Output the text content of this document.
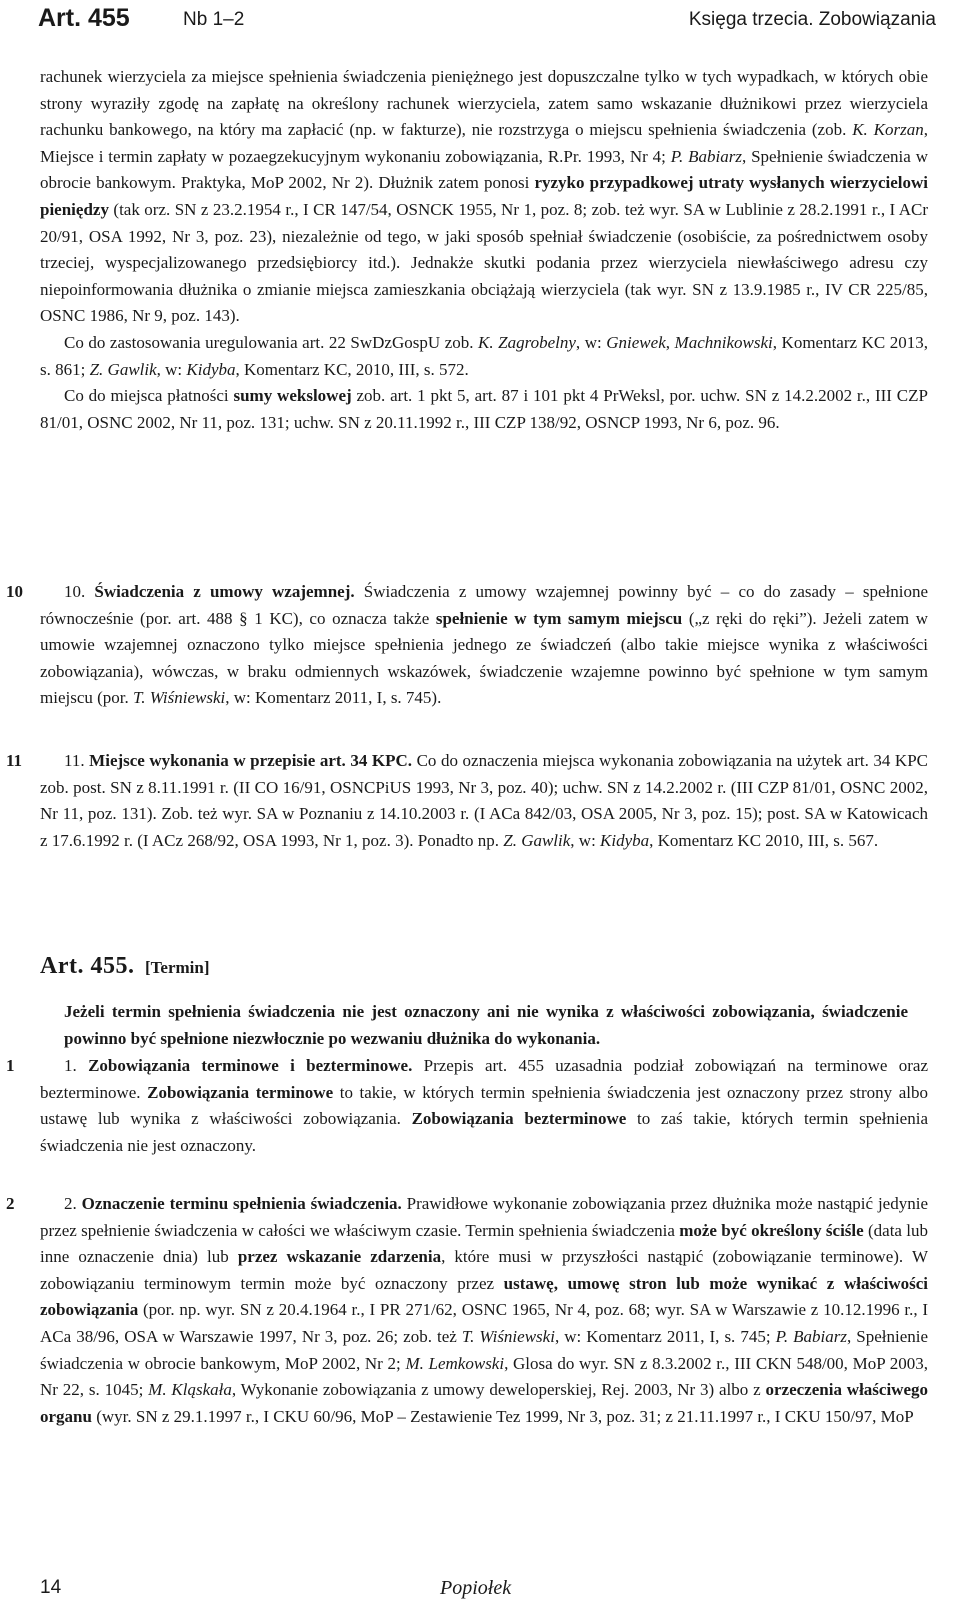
Art. 455	Nb 1–2	Księga trzecia. Zobowiązania

rachunek wierzyciela za miejsce spełnienia świadczenia pieniężnego jest dopuszczalne tylko w tych wypadkach, w których obie strony wyraziły zgodę na zapłatę na określony rachunek wierzyciela, zatem samo wskazanie dłużnikowi przez wierzyciela rachunku bankowego, na który ma zapłacić (np. w fakturze), nie rozstrzyga o miejscu spełnienia świadczenia (zob. K. Korzan, Miejsce i termin zapłaty w pozaegzekucyjnym wykonaniu zobowiązania, R.Pr. 1993, Nr 4; P. Babiarz, Spełnienie świadczenia w obrocie bankowym. Praktyka, MoP 2002, Nr 2). Dłużnik zatem ponosi ryzyko przypadkowej utraty wysłanych wierzycielowi pieniędzy (tak orz. SN z 23.2.1954 r., I CR 147/54, OSNCK 1955, Nr 1, poz. 8; zob. też wyr. SA w Lublinie z 28.2.1991 r., I ACr 20/91, OSA 1992, Nr 3, poz. 23), niezależnie od tego, w jaki sposób spełniał świadczenie (osobiście, za pośrednictwem osoby trzeciej, wyspecjalizowanego przedsiębiorcy itd.). Jednakże skutki podania przez wierzyciela niewłaściwego adresu czy niepoinformowania dłużnika o zmianie miejsca zamieszkania obciążają wierzyciela (tak wyr. SN z 13.9.1985 r., IV CR 225/85, OSNC 1986, Nr 9, poz. 143).

Co do zastosowania uregulowania art. 22 SwDzGospU zob. K. Zagrobelny, w: Gniewek, Machnikowski, Komentarz KC 2013, s. 861; Z. Gawlik, w: Kidyba, Komentarz KC, 2010, III, s. 572.

Co do miejsca płatności sumy wekslowej zob. art. 1 pkt 5, art. 87 i 101 pkt 4 PrWeksl, por. uchw. SN z 14.2.2002 r., III CZP 81/01, OSNC 2002, Nr 11, poz. 131; uchw. SN z 20.11.1992 r., III CZP 138/92, OSNCP 1993, Nr 6, poz. 96.

10	10. Świadczenia z umowy wzajemnej. Świadczenia z umowy wzajemnej powinny być – co do zasady – spełnione równocześnie (por. art. 488 § 1 KC), co oznacza także spełnienie w tym samym miejscu („z ręki do ręki”). Jeżeli zatem w umowie wzajemnej oznaczono tylko miejsce spełnienia jednego ze świadczeń (albo takie miejsce wynika z właściwości zobowiązania), wówczas, w braku odmiennych wskazówek, świadczenie wzajemne powinno być spełnione w tym samym miejscu (por. T. Wiśniewski, w: Komentarz 2011, I, s. 745).

11	11. Miejsce wykonania w przepisie art. 34 KPC. Co do oznaczenia miejsca wykonania zobowiązania na użytek art. 34 KPC zob. post. SN z 8.11.1991 r. (II CO 16/91, OSNCPiUS 1993, Nr 3, poz. 40); uchw. SN z 14.2.2002 r. (III CZP 81/01, OSNC 2002, Nr 11, poz. 131). Zob. też wyr. SA w Poznaniu z 14.10.2003 r. (I ACa 842/03, OSA 2005, Nr 3, poz. 15); post. SA w Katowicach z 17.6.1992 r. (I ACz 268/92, OSA 1993, Nr 1, poz. 3). Ponadto np. Z. Gawlik, w: Kidyba, Komentarz KC 2010, III, s. 567.

Art. 455. [Termin]

Jeżeli termin spełnienia świadczenia nie jest oznaczony ani nie wynika z właściwości zobowiązania, świadczenie powinno być spełnione niezwłocznie po wezwaniu dłużnika do wykonania.

1	1. Zobowiązania terminowe i bezterminowe. Przepis art. 455 uzasadnia podział zobowiązań na terminowe oraz bezterminowe. Zobowiązania terminowe to takie, w których termin spełnienia świadczenia jest oznaczony przez strony albo ustawę lub wynika z właściwości zobowiązania. Zobowiązania bezterminowe to zaś takie, których termin spełnienia świadczenia nie jest oznaczony.

2	2. Oznaczenie terminu spełnienia świadczenia. Prawidłowe wykonanie zobowiązania przez dłużnika może nastąpić jedynie przez spełnienie świadczenia w całości we właściwym czasie. Termin spełnienia świadczenia może być określony ściśle (data lub inne oznaczenie dnia) lub przez wskazanie zdarzenia, które musi w przyszłości nastąpić (zobowiązanie terminowe). W zobowiązaniu terminowym termin może być oznaczony przez ustawę, umowę stron lub może wynikać z właściwości zobowiązania (por. np. wyr. SN z 20.4.1964 r., I PR 271/62, OSNC 1965, Nr 4, poz. 68; wyr. SA w Warszawie z 10.12.1996 r., I ACa 38/96, OSA w Warszawie 1997, Nr 3, poz. 26; zob. też T. Wiśniewski, w: Komentarz 2011, I, s. 745; P. Babiarz, Spełnienie świadczenia w obrocie bankowym, MoP 2002, Nr 2; M. Lemkowski, Glosa do wyr. SN z 8.3.2002 r., III CKN 548/00, MoP 2003, Nr 22, s. 1045; M. Kląskała, Wykonanie zobowiązania z umowy deweloperskiej, Rej. 2003, Nr 3) albo z orzeczenia właściwego organu (wyr. SN z 29.1.1997 r., I CKU 60/96, MoP – Zestawienie Tez 1999, Nr 3, poz. 31; z 21.11.1997 r., I CKU 150/97, MoP

14	Popiołek
